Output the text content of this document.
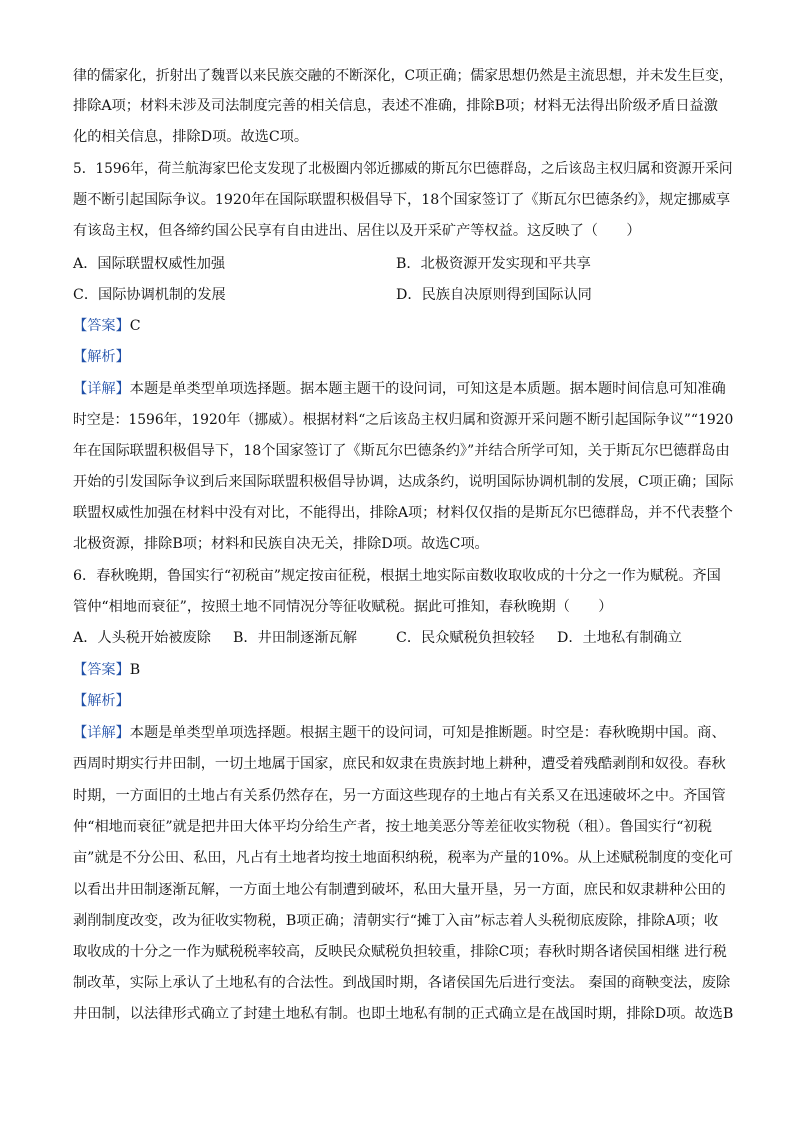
律的儒家化，折射出了魏晋以来民族交融的不断深化，C项正确；儒家思想仍然是主流思想，并未发生巨变，
排除A项；材料未涉及司法制度完善的相关信息，表述不准确，排除B项；材料无法得出阶级矛盾日益激
化的相关信息，排除D项。故选C项。
5．1596年，荷兰航海家巴伦支发现了北极圈内邻近挪威的斯瓦尔巴德群岛，之后该岛主权归属和资源开采问
题不断引起国际争议。1920年在国际联盟积极倡导下，18个国家签订了《斯瓦尔巴德条约》，规定挪威享
有该岛主权，但各缔约国公民享有自由进出、居住以及开采矿产等权益。这反映了（　　）
A．国际联盟权威性加强	B．北极资源开发实现和平共享
C．国际协调机制的发展	D．民族自决原则得到国际认同
【答案】C
【解析】
【详解】本题是单类型单项选择题。据本题主题干的设问词，可知这是本质题。据本题时间信息可知准确
时空是：1596年，1920年（挪威）。根据材料“之后该岛主权归属和资源开采问题不断引起国际争议”“1920
年在国际联盟积极倡导下，18个国家签订了《斯瓦尔巴德条约》”并结合所学可知，关于斯瓦尔巴德群岛由
开始的引发国际争议到后来国际联盟积极倡导协调，达成条约，说明国际协调机制的发展，C项正确；国际
联盟权威性加强在材料中没有对比，不能得出，排除A项；材料仅仅指的是斯瓦尔巴德群岛，并不代表整个
北极资源，排除B项；材料和民族自决无关，排除D项。故选C项。
6．春秋晚期，鲁国实行“初税亩”规定按亩征税，根据土地实际亩数收取收成的十分之一作为赋税。齐国
管仲“相地而衰征”，按照土地不同情况分等征收赋税。据此可推知，春秋晚期（　　）
A．人头税开始被废除 B．井田制逐渐瓦解	C．民众赋税负担较轻 D．土地私有制确立
【答案】B
【解析】
【详解】本题是单类型单项选择题。根据主题干的设问词，可知是推断题。时空是：春秋晚期中国。商、
西周时期实行井田制，一切土地属于国家，庶民和奴隶在贵族封地上耕种，遭受着残酷剥削和奴役。春秋
时期，一方面旧的土地占有关系仍然存在，另一方面这些现存的土地占有关系又在迅速破坏之中。齐国管
仲“相地而衰征”就是把井田大体平均分给生产者，按土地美恶分等差征收实物税（租）。鲁国实行“初税
亩”就是不分公田、私田，凡占有土地者均按土地面积纳税，税率为产量的10%。从上述赋税制度的变化可
以看出井田制逐渐瓦解，一方面土地公有制遭到破坏，私田大量开垦，另一方面，庶民和奴隶耕种公田的
剥削制度改变，改为征收实物税，B项正确；清朝实行“摊丁入亩”标志着人头税彻底废除，排除A项；收
取收成的十分之一作为赋税税率较高，反映民众赋税负担较重，排除C项；春秋时期各诸侯国相继 进行税
制改革，实际上承认了土地私有的合法性。到战国时期，各诸侯国先后进行变法。 秦国的商鞅变法，废除
井田制，以法律形式确立了封建土地私有制。也即土地私有制的正式确立是在战国时期，排除D项。故选B
